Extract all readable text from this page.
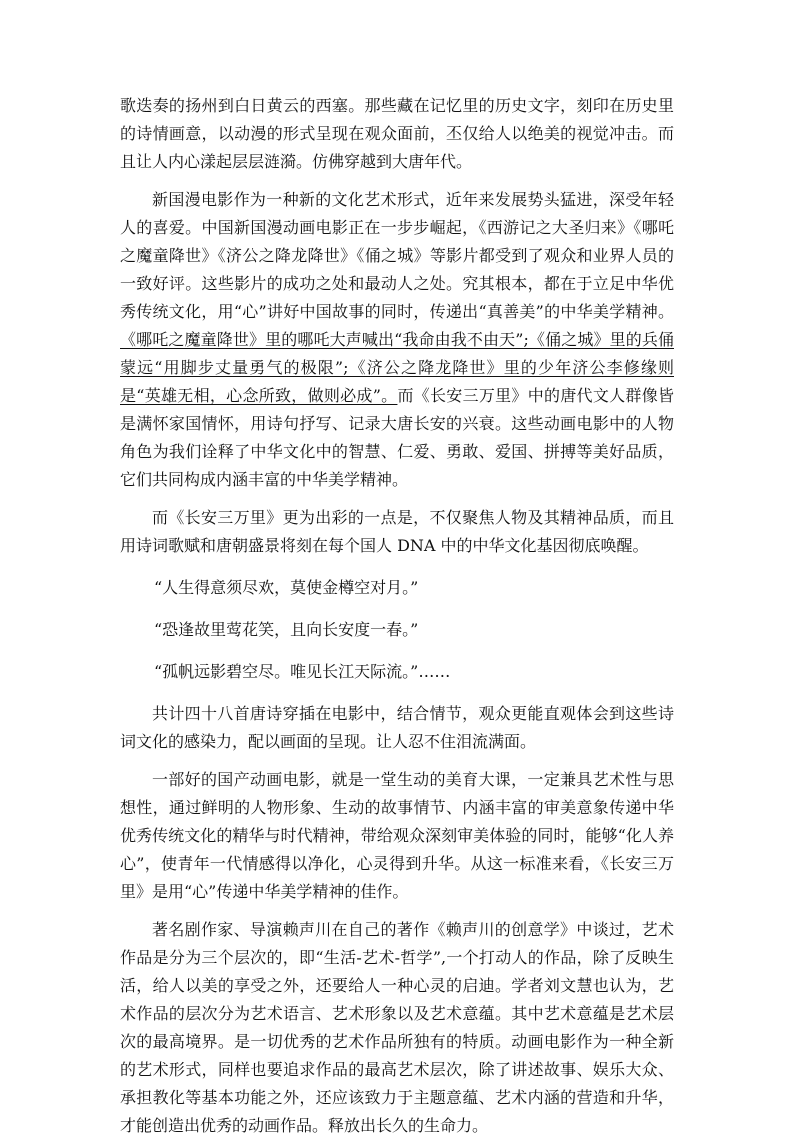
歌迭奏的扬州到白日黄云的西塞。那些藏在记忆里的历史文字，刻印在历史里的诗情画意，以动漫的形式呈现在观众面前，丕仅给人以绝美的视觉冲击。而且让人内心漾起层层涟漪。仿佛穿越到大唐年代。

新国漫电影作为一种新的文化艺术形式，近年来发展势头猛进，深受年轻人的喜爱。中国新国漫动画电影正在一步步崛起，《西游记之大圣归来》《哪吒之魔童降世》《济公之降龙降世》《俑之城》等影片都受到了观众和业界人员的一致好评。这些影片的成功之处和最动人之处。究其根本，都在于立足中华优秀传统文化，用“心”讲好中国故事的同时，传递出“真善美”的中华美学精神。《哪吒之魔童降世》里的哪吒大声喊出“我命由我不由天”;《俑之城》里的兵俑蒙远“用脚步丈量勇气的极限”;《济公之降龙降世》里的少年济公李修缘则是“英雄无相，心念所致，做则必成”。而《长安三万里》中的唐代文人群像皆是满怀家国情怀，用诗句抒写、记录大唐长安的兴衰。这些动画电影中的人物角色为我们诠释了中华文化中的智慧、仁爱、勇敢、爱国、拼搏等美好品质，它们共同构成内涵丰富的中华美学精神。

而《长安三万里》更为出彩的一点是，不仅聚焦人物及其精神品质，而且用诗词歌赋和唐朝盛景将刻在每个国人 DNA 中的中华文化基因彻底唤醒。

“人生得意须尽欢，莫使金樽空对月。”

“恐逢故里莺花笑，且向长安度一春。”

“孤帆远影碧空尽。唯见长江天际流。”……

共计四十八首唐诗穿插在电影中，结合情节，观众更能直观体会到这些诗词文化的感染力，配以画面的呈现。让人忍不住泪流满面。

一部好的国产动画电影，就是一堂生动的美育大课，一定兼具艺术性与思想性，通过鲜明的人物形象、生动的故事情节、内涵丰富的审美意象传递中华优秀传统文化的精华与时代精神，带给观众深刻审美体验的同时，能够“化人养心”，使青年一代情感得以净化，心灵得到升华。从这一标准来看，《长安三万里》是用“心”传递中华美学精神的佳作。

著名剧作家、导演赖声川在自己的著作《赖声川的创意学》中谈过，艺术作品是分为三个层次的，即“生活-艺术-哲学”,一个打动人的作品，除了反映生活，给人以美的享受之外，还要给人一种心灵的启迪。学者刘文慧也认为，艺术作品的层次分为艺术语言、艺术形象以及艺术意蕴。其中艺术意蕴是艺术层次的最高境界。是一切优秀的艺术作品所独有的特质。动画电影作为一种全新的艺术形式，同样也要追求作品的最高艺术层次，除了讲述故事、娱乐大众、承担教化等基本功能之外，还应该致力于主题意蕴、艺术内涵的营造和升华，才能创造出优秀的动画作品。释放出长久的生命力。
